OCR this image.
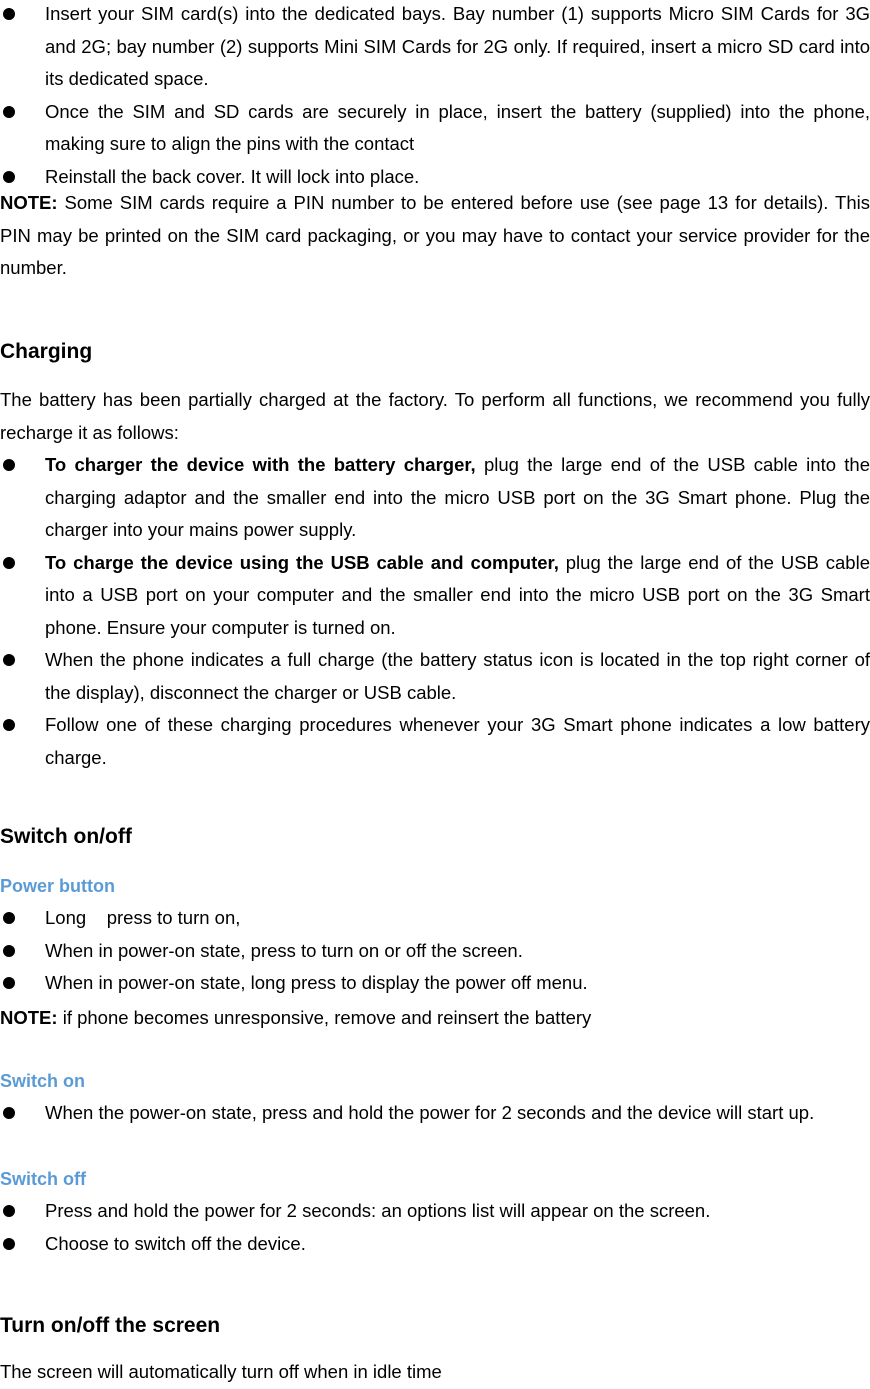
Insert your SIM card(s) into the dedicated bays. Bay number (1) supports Micro SIM Cards for 3G and 2G; bay number (2) supports Mini SIM Cards for 2G only. If required, insert a micro SD card into its dedicated space.
Once the SIM and SD cards are securely in place, insert the battery (supplied) into the phone, making sure to align the pins with the contact
Reinstall the back cover. It will lock into place.

NOTE: Some SIM cards require a PIN number to be entered before use (see page 13 for details). This PIN may be printed on the SIM card packaging, or you may have to contact your service provider for the number.

Charging

The battery has been partially charged at the factory. To perform all functions, we recommend you fully recharge it as follows:

To charger the device with the battery charger, plug the large end of the USB cable into the charging adaptor and the smaller end into the micro USB port on the 3G Smart phone. Plug the charger into your mains power supply.
To charge the device using the USB cable and computer, plug the large end of the USB cable into a USB port on your computer and the smaller end into the micro USB port on the 3G Smart phone. Ensure your computer is turned on.
When the phone indicates a full charge (the battery status icon is located in the top right corner of the display), disconnect the charger or USB cable.
Follow one of these charging procedures whenever your 3G Smart phone indicates a low battery charge.
Switch on/off
Power button
Long    press to turn on,
When in power-on state, press to turn on or off the screen.
When in power-on state, long press to display the power off menu.

NOTE: if phone becomes unresponsive, remove and reinsert the battery

Switch on
When the power-on state, press and hold the power for 2 seconds and the device will start up.
Switch off
Press and hold the power for 2 seconds: an options list will appear on the screen.
Choose to switch off the device.
Turn on/off the screen

The screen will automatically turn off when in idle time
